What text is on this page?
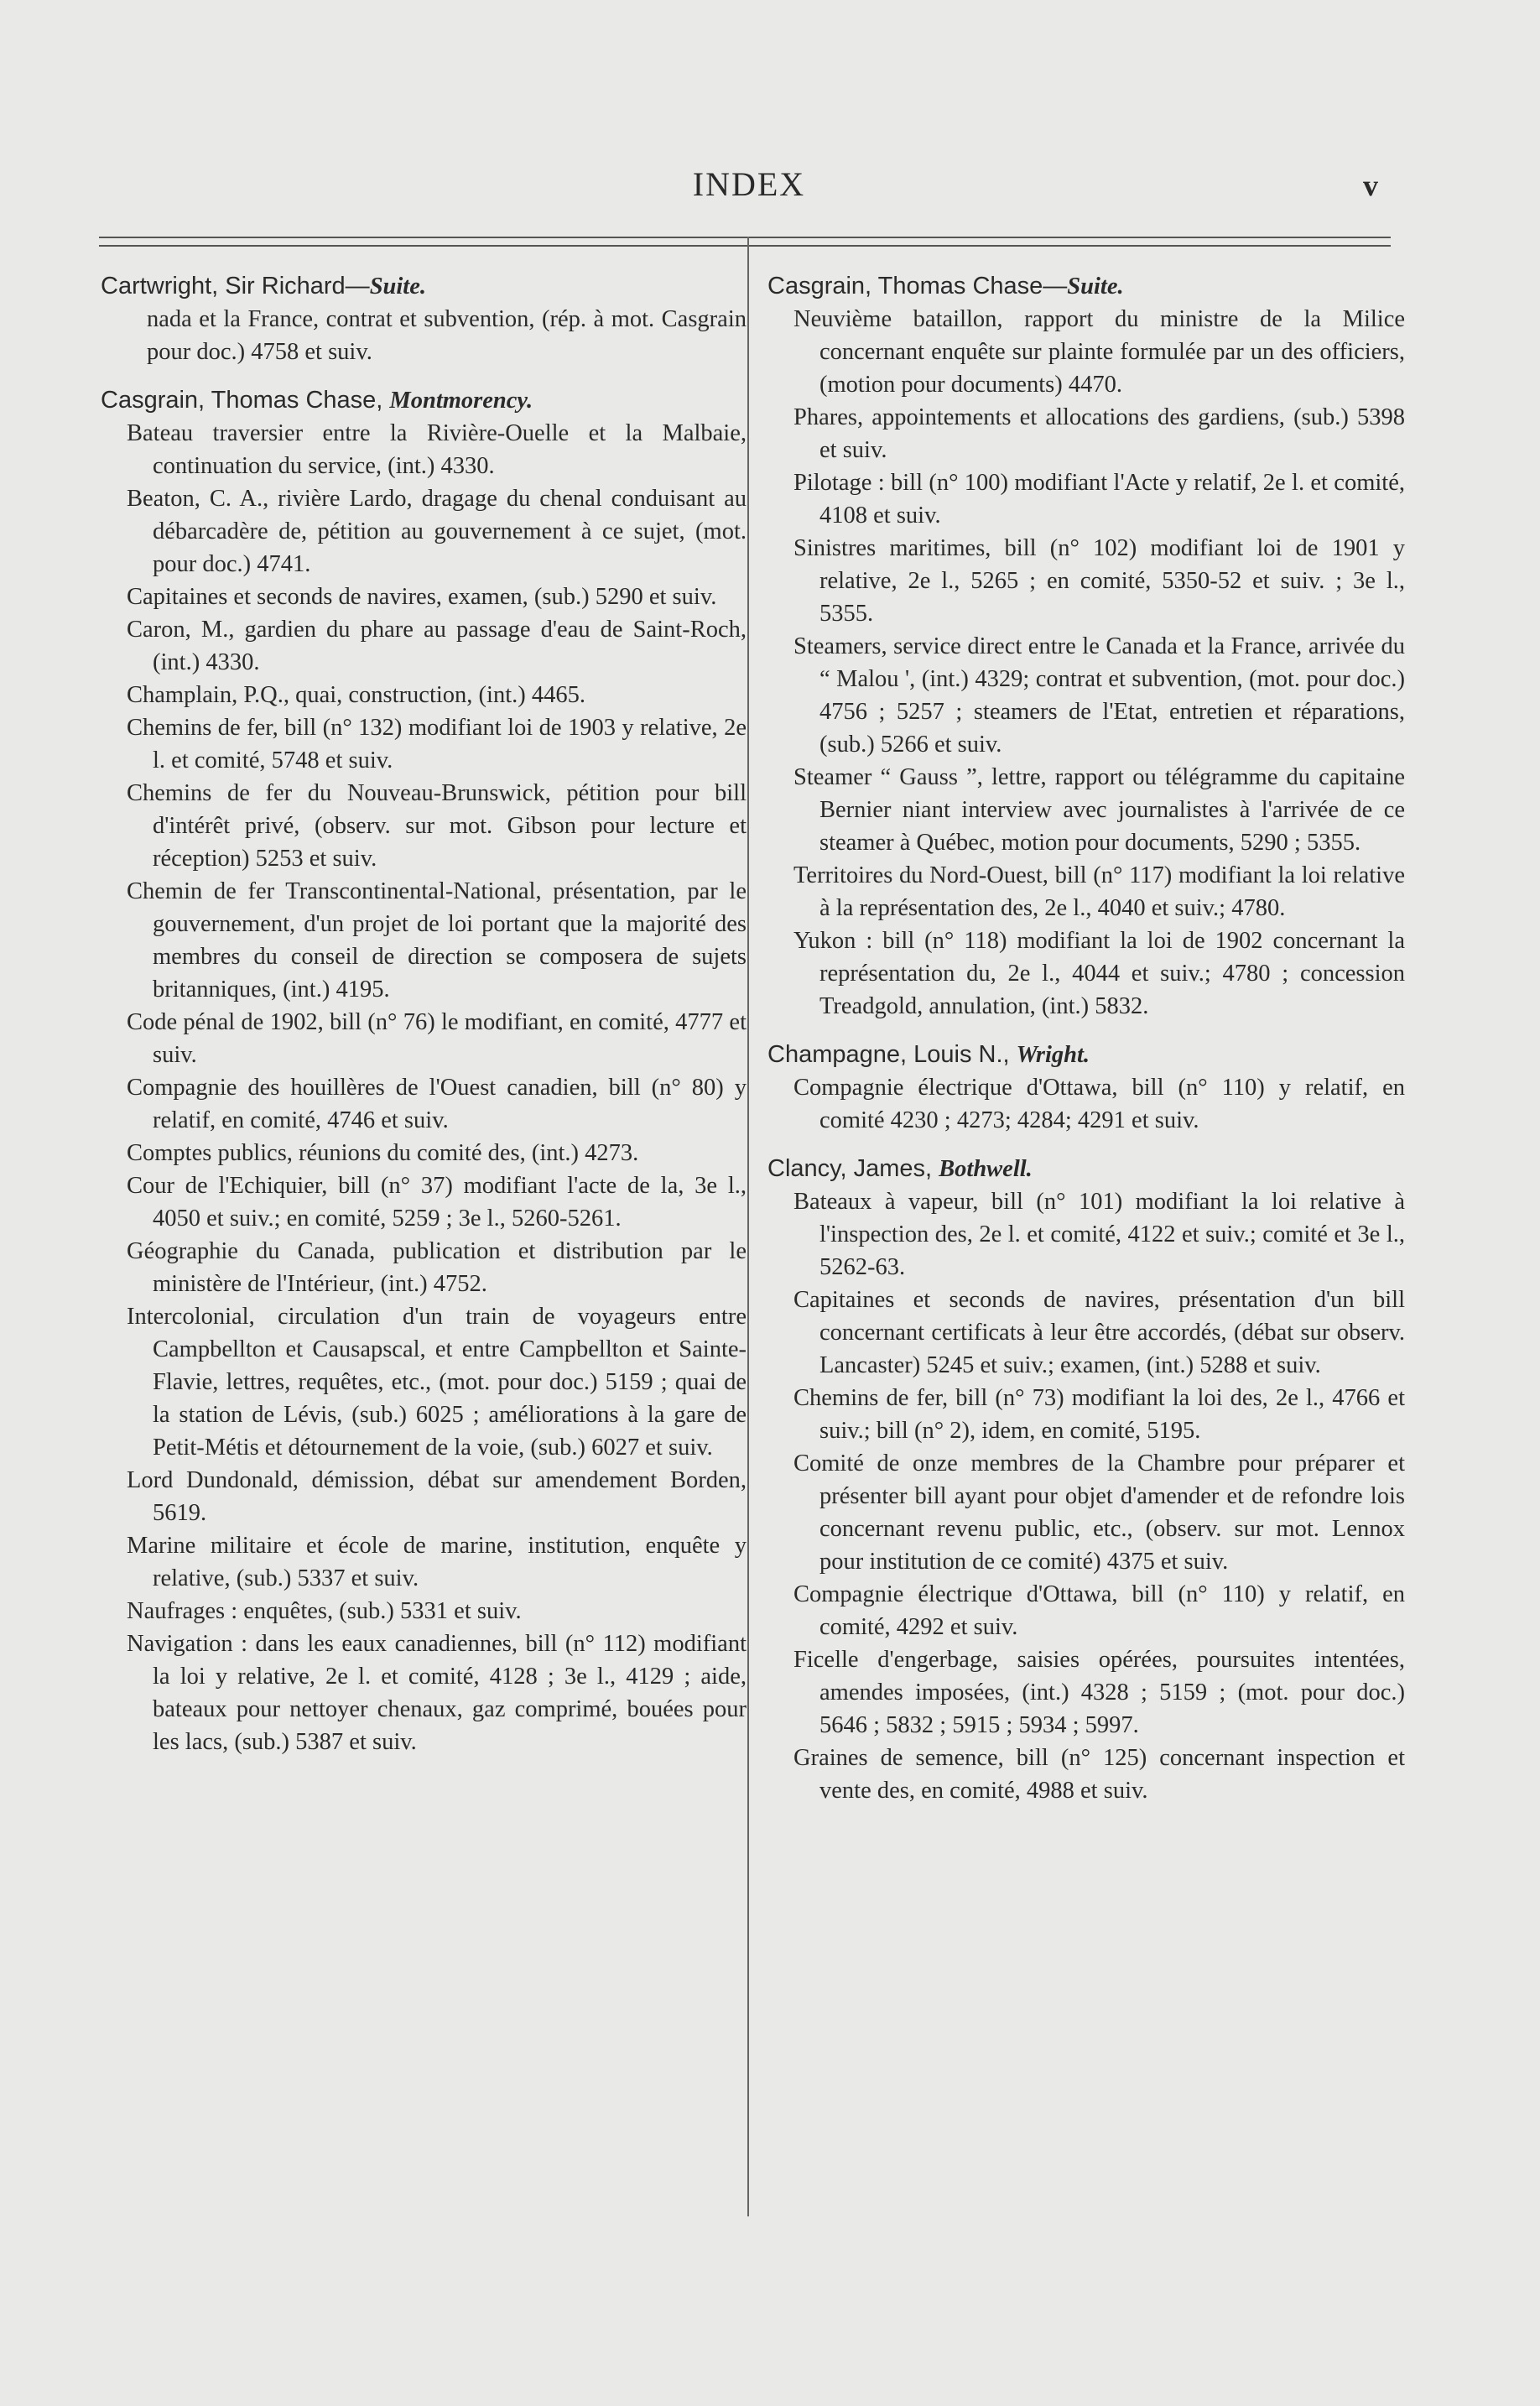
INDEX	v
Cartwright, Sir Richard—Suite.
nada et la France, contrat et subvention, (rép. à mot. Casgrain pour doc.) 4758 et suiv.
Casgrain, Thomas Chase, Montmorency.
Bateau traversier entre la Rivière-Ouelle et la Malbaie, continuation du service, (int.) 4330.
Beaton, C. A., rivière Lardo, dragage du chenal conduisant au débarcadère de, pétition au gouvernement à ce sujet, (mot. pour doc.) 4741.
Capitaines et seconds de navires, examen, (sub.) 5290 et suiv.
Caron, M., gardien du phare au passage d'eau de Saint-Roch, (int.) 4330.
Champlain, P.Q., quai, construction, (int.) 4465.
Chemins de fer, bill (n° 132) modifiant loi de 1903 y relative, 2e l. et comité, 5748 et suiv.
Chemins de fer du Nouveau-Brunswick, pétition pour bill d'intérêt privé, (observ. sur mot. Gibson pour lecture et réception) 5253 et suiv.
Chemin de fer Transcontinental-National, présentation, par le gouvernement, d'un projet de loi portant que la majorité des membres du conseil de direction se composera de sujets britanniques, (int.) 4195.
Code pénal de 1902, bill (n° 76) le modifiant, en comité, 4777 et suiv.
Compagnie des houillères de l'Ouest canadien, bill (n° 80) y relatif, en comité, 4746 et suiv.
Comptes publics, réunions du comité des, (int.) 4273.
Cour de l'Echiquier, bill (n° 37) modifiant l'acte de la, 3e l., 4050 et suiv.; en comité, 5259 ; 3e l., 5260-5261.
Géographie du Canada, publication et distribution par le ministère de l'Intérieur, (int.) 4752.
Intercolonial, circulation d'un train de voyageurs entre Campbellton et Causapscal, et entre Campbellton et Sainte-Flavie, lettres, requêtes, etc., (mot. pour doc.) 5159 ; quai de la station de Lévis, (sub.) 6025 ; améliorations à la gare de Petit-Métis et détournement de la voie, (sub.) 6027 et suiv.
Lord Dundonald, démission, débat sur amendement Borden, 5619.
Marine militaire et école de marine, institution, enquête y relative, (sub.) 5337 et suiv.
Naufrages : enquêtes, (sub.) 5331 et suiv.
Navigation : dans les eaux canadiennes, bill (n° 112) modifiant la loi y relative, 2e l. et comité, 4128 ; 3e l., 4129 ; aide, bateaux pour nettoyer chenaux, gaz comprimé, bouées pour les lacs, (sub.) 5387 et suiv.
Casgrain, Thomas Chase—Suite.
Neuvième bataillon, rapport du ministre de la Milice concernant enquête sur plainte formulée par un des officiers, (motion pour documents) 4470.
Phares, appointements et allocations des gardiens, (sub.) 5398 et suiv.
Pilotage : bill (n° 100) modifiant l'Acte y relatif, 2e l. et comité, 4108 et suiv.
Sinistres maritimes, bill (n° 102) modifiant loi de 1901 y relative, 2e l., 5265 ; en comité, 5350-52 et suiv. ; 3e l., 5355.
Steamers, service direct entre le Canada et la France, arrivée du “ Malou ', (int.) 4329; contrat et subvention, (mot. pour doc.) 4756 ; 5257 ; steamers de l'Etat, entretien et réparations, (sub.) 5266 et suiv.
Steamer “ Gauss ”, lettre, rapport ou télégramme du capitaine Bernier niant interview avec journalistes à l'arrivée de ce steamer à Québec, motion pour documents, 5290 ; 5355.
Territoires du Nord-Ouest, bill (n° 117) modifiant la loi relative à la représentation des, 2e l., 4040 et suiv.; 4780.
Yukon : bill (n° 118) modifiant la loi de 1902 concernant la représentation du, 2e l., 4044 et suiv.; 4780 ; concession Treadgold, annulation, (int.) 5832.
Champagne, Louis N., Wright.
Compagnie électrique d'Ottawa, bill (n° 110) y relatif, en comité 4230 ; 4273; 4284; 4291 et suiv.
Clancy, James, Bothwell.
Bateaux à vapeur, bill (n° 101) modifiant la loi relative à l'inspection des, 2e l. et comité, 4122 et suiv.; comité et 3e l., 5262-63.
Capitaines et seconds de navires, présentation d'un bill concernant certificats à leur être accordés, (débat sur observ. Lancaster) 5245 et suiv.; examen, (int.) 5288 et suiv.
Chemins de fer, bill (n° 73) modifiant la loi des, 2e l., 4766 et suiv.; bill (n° 2), idem, en comité, 5195.
Comité de onze membres de la Chambre pour préparer et présenter bill ayant pour objet d'amender et de refondre lois concernant revenu public, etc., (observ. sur mot. Lennox pour institution de ce comité) 4375 et suiv.
Compagnie électrique d'Ottawa, bill (n° 110) y relatif, en comité, 4292 et suiv.
Ficelle d'engerbage, saisies opérées, poursuites intentées, amendes imposées, (int.) 4328 ; 5159 ; (mot. pour doc.) 5646 ; 5832 ; 5915 ; 5934 ; 5997.
Graines de semence, bill (n° 125) concernant inspection et vente des, en comité, 4988 et suiv.
